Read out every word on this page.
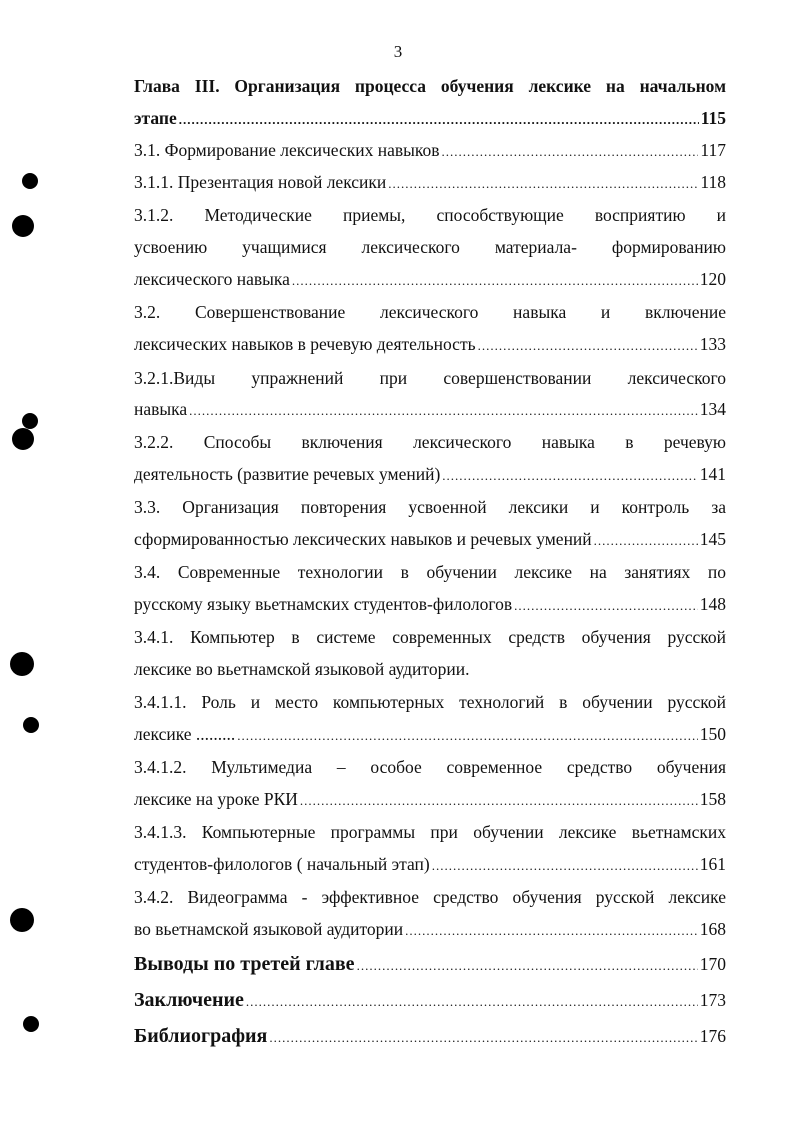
3
Глава III. Организация процесса обучения лексике на начальном
этапе .....	115
3.1. Формирование лексических навыков .....	117
3.1.1. Презентация новой лексики .....	118
3.1.2. Методические приемы, способствующие восприятию и
усвоению учащимися лексического материала- формированию
лексического навыка .....	120
3.2. Совершенствование лексического навыка и включение
лексических навыков в речевую деятельность .....	133
3.2.1.Виды упражнений при совершенствовании лексического
навыка .....	134
3.2.2. Способы включения лексического навыка в речевую
деятельность (развитие речевых умений) .....	141
3.3. Организация повторения усвоенной лексики и контроль за
сформированностью лексических навыков и речевых умений .....	145
3.4. Современные технологии в обучении лексике на занятиях по
русскому языку вьетнамских студентов-филологов .....	148
3.4.1. Компьютер в системе современных средств обучения русской
лексике во вьетнамской языковой аудитории.
3.4.1.1. Роль и место компьютерных технологий в обучении русской
лексике ......... .....	150
3.4.1.2. Мультимедиа – особое современное средство обучения
лексике на уроке РКИ .....	158
3.4.1.3. Компьютерные программы при обучении лексике вьетнамских
студентов-филологов ( начальный этап) .....	161
3.4.2. Видеограмма - эффективное средство обучения русской лексике
во вьетнамской языковой аудитории .....	168
Выводы по третей главе .....	170
Заключение .....	173
Библиография .....	176
